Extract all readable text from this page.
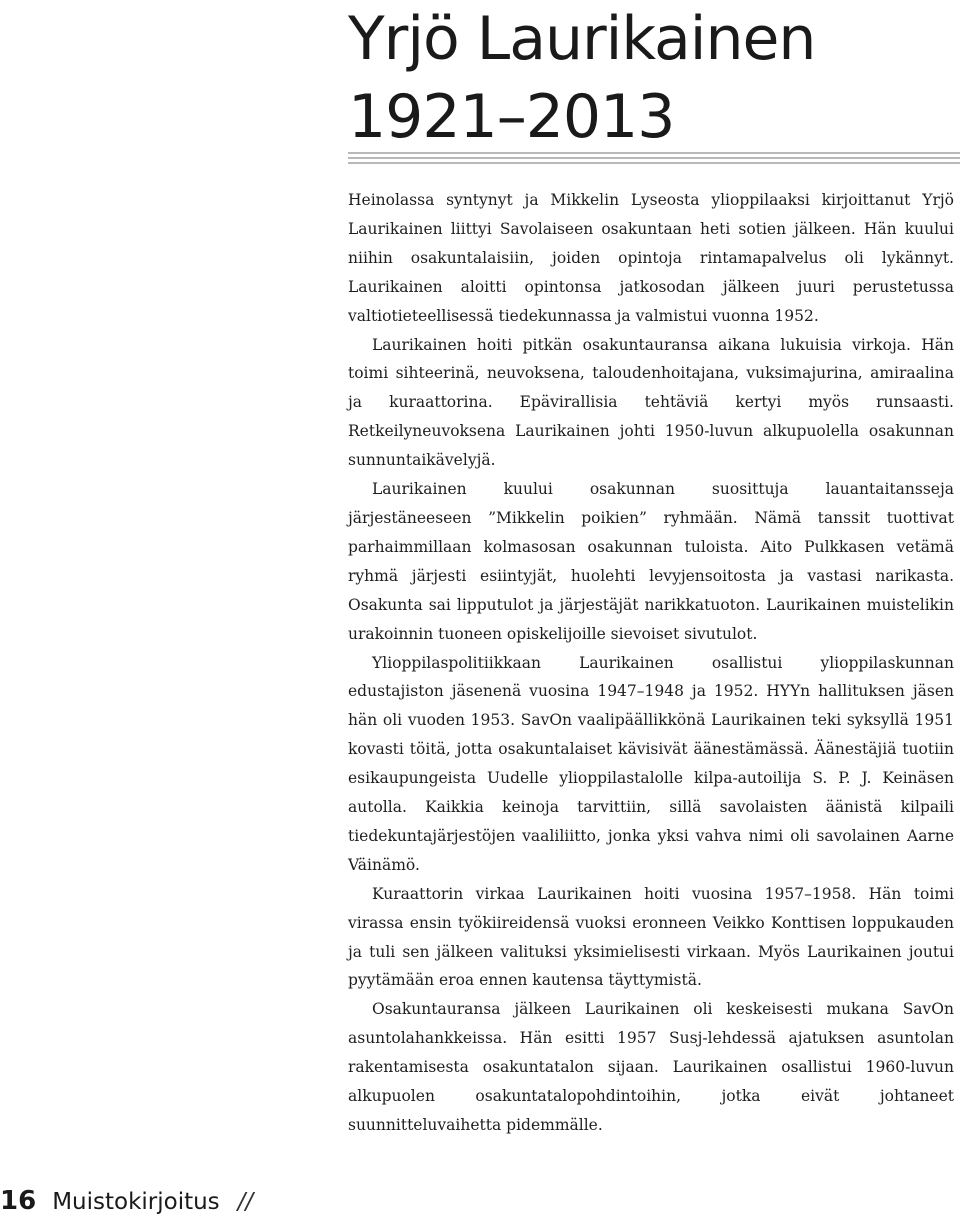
Yrjö Laurikainen
1921–2013

Heinolassa syntynyt ja Mikkelin Lyseosta ylioppilaaksi kirjoittanut Yrjö Laurikainen liittyi Savolaiseen osakuntaan heti sotien jälkeen. Hän kuului niihin osakuntalaisiin, joiden opintoja rintamapalvelus oli lykännyt. Laurikainen aloitti opintonsa jatkosodan jälkeen juuri perustetussa valtiotieteellisessä tiedekunnassa ja valmistui vuonna 1952.

Laurikainen hoiti pitkän osakuntauransa aikana lukuisia virkoja. Hän toimi sihteerinä, neuvoksena, taloudenhoitajana, vuksimajurina, amiraalina ja kuraattorina. Epävirallisia tehtäviä kertyi myös runsaasti. Retkeilyneuvoksena Laurikainen johti 1950-luvun alkupuolella osakunnan sunnuntaikävelyjä.

Laurikainen kuului osakunnan suosittuja lauantaitansseja järjestäneeseen ”Mikkelin poikien” ryhmään. Nämä tanssit tuottivat parhaimmillaan kolmasosan osakunnan tuloista. Aito Pulkkasen vetämä ryhmä järjesti esiintyjät, huolehti levyjensoitosta ja vastasi narikasta. Osakunta sai lipputulot ja järjestäjät narikkatuoton. Laurikainen muistelikin urakoinnin tuoneen opiskelijoille sievoiset sivutulot.

Ylioppilaspolitiikkaan Laurikainen osallistui ylioppilaskunnan edustajiston jäsenenä vuosina 1947–1948 ja 1952. HYYn hallituksen jäsen hän oli vuoden 1953. SavOn vaalipäällikkönä Laurikainen teki syksyllä 1951 kovasti töitä, jotta osakuntalaiset kävisivät äänestämässä. Äänestäjiä tuotiin esikaupungeista Uudelle ylioppilastalolle kilpa-autoilija S. P. J. Keinäsen autolla. Kaikkia keinoja tarvittiin, sillä savolaisten äänistä kilpaili tiedekuntajärjestöjen vaaliliitto, jonka yksi vahva nimi oli savolainen Aarne Väinämö.

Kuraattorin virkaa Laurikainen hoiti vuosina 1957–1958. Hän toimi virassa ensin työkiireidensä vuoksi eronneen Veikko Konttisen loppukauden ja tuli sen jälkeen valituksi yksimielisesti virkaan. Myös Laurikainen joutui pyytämään eroa ennen kautensa täyttymistä.

Osakuntauransa jälkeen Laurikainen oli keskeisesti mukana SavOn asuntolahankkeissa. Hän esitti 1957 Susj-lehdessä ajatuksen asuntolan rakentamisesta osakuntatalon sijaan. Laurikainen osallistui 1960-luvun alkupuolen osakuntatalopohdintoihin, jotka eivät johtaneet suunnitteluvaihetta pidemmälle.

16 Muistokirjoitus //
